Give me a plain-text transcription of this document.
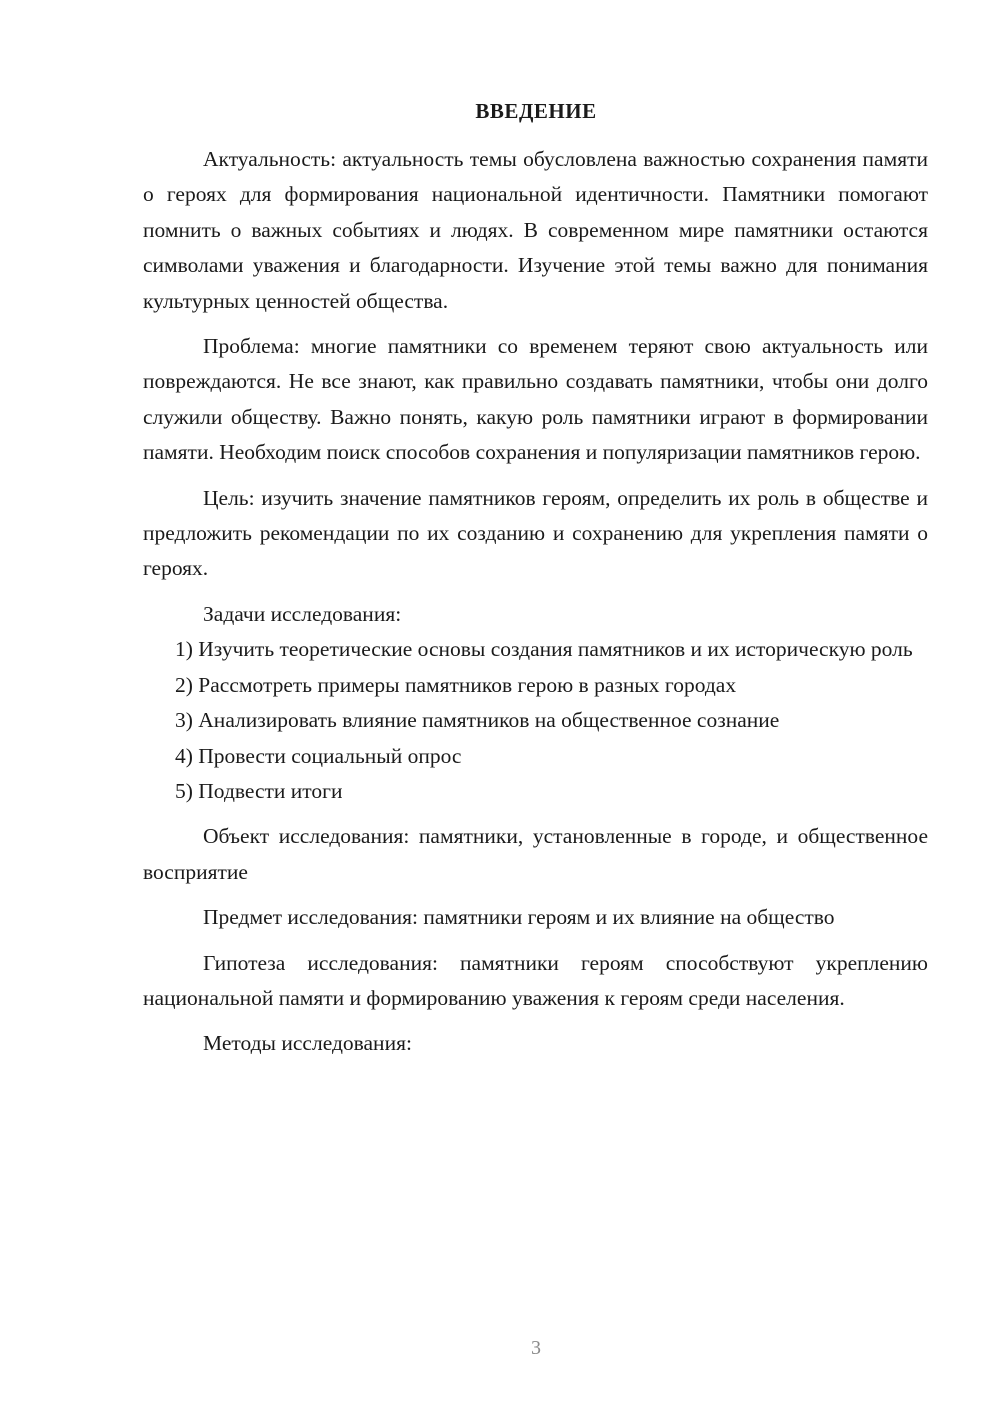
ВВЕДЕНИЕ

Актуальность: актуальность темы обусловлена важностью сохранения памяти о героях для формирования национальной идентичности. Памятники помогают помнить о важных событиях и людях. В современном мире памятники остаются символами уважения и благодарности. Изучение этой темы важно для понимания культурных ценностей общества.

Проблема: многие памятники со временем теряют свою актуальность или повреждаются. Не все знают, как правильно создавать памятники, чтобы они долго служили обществу. Важно понять, какую роль памятники играют в формировании памяти. Необходим поиск способов сохранения и популяризации памятников герою.

Цель: изучить значение памятников героям, определить их роль в обществе и предложить рекомендации по их созданию и сохранению для укрепления памяти о героях.

Задачи исследования:

1) Изучить теоретические основы создания памятников и их историческую роль

2) Рассмотреть примеры памятников герою в разных городах

3) Анализировать влияние памятников на общественное сознание

4) Провести социальный опрос

5) Подвести итоги

Объект исследования: памятники, установленные в городе, и общественное восприятие

Предмет исследования: памятники героям и их влияние на общество

Гипотеза исследования: памятники героям способствуют укреплению национальной памяти и формированию уважения к героям среди населения.

Методы исследования:

3
